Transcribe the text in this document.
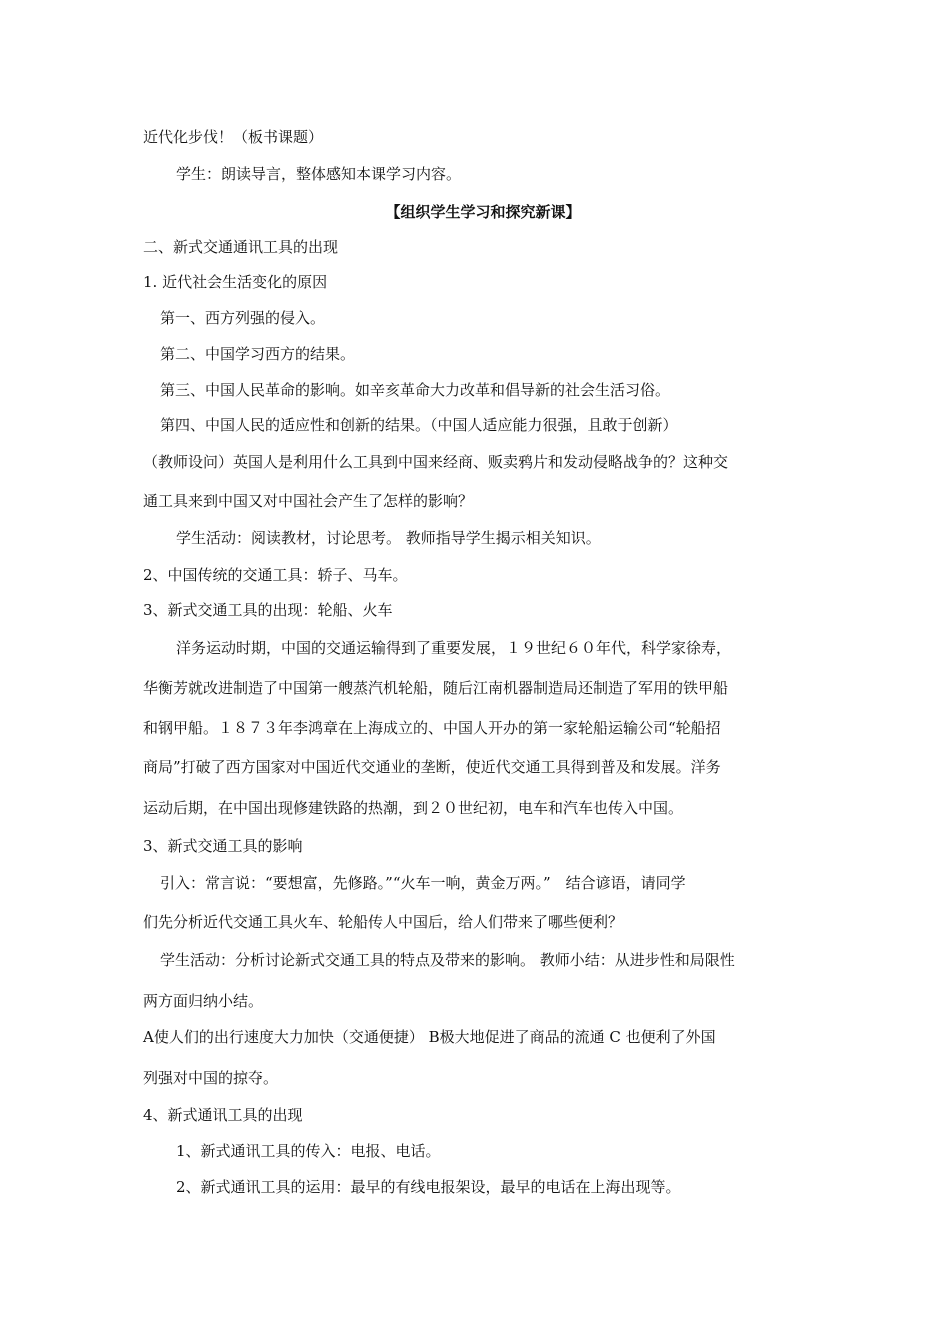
近代化步伐！（板书课题）
学生：朗读导言，整体感知本课学习内容。
【组织学生学习和探究新课】
二、新式交通通讯工具的出现
1. 近代社会生活变化的原因
第一、西方列强的侵入。
第二、中国学习西方的结果。
第三、中国人民革命的影响。如辛亥革命大力改革和倡导新的社会生活习俗。
第四、中国人民的适应性和创新的结果。（中国人适应能力很强，且敢于创新）
（教师设问）英国人是利用什么工具到中国来经商、贩卖鸦片和发动侵略战争的？这种交
通工具来到中国又对中国社会产生了怎样的影响？
学生活动：阅读教材，讨论思考。 教师指导学生揭示相关知识。
2、中国传统的交通工具：轿子、马车。
3、新式交通工具的出现：轮船、火车
洋务运动时期，中国的交通运输得到了重要发展，１９世纪６０年代，科学家徐寿，
华衡芳就改进制造了中国第一艘蒸汽机轮船，随后江南机器制造局还制造了军用的铁甲船
和钢甲船。１８７３年李鸿章在上海成立的、中国人开办的第一家轮船运输公司“轮船招
商局”打破了西方国家对中国近代交通业的垄断，使近代交通工具得到普及和发展。洋务
运动后期，在中国出现修建铁路的热潮，到２０世纪初，电车和汽车也传入中国。
3、新式交通工具的影响
引入：常言说：“要想富，先修路。”“火车一响，黄金万两。”　结合谚语，请同学
们先分析近代交通工具火车、轮船传人中国后，给人们带来了哪些便利？
学生活动：分析讨论新式交通工具的特点及带来的影响。 教师小结：从进步性和局限性
两方面归纳小结。
A使人们的出行速度大力加快（交通便捷） B极大地促进了商品的流通 C 也便利了外国
列强对中国的掠夺。
4、新式通讯工具的出现
1、新式通讯工具的传入：电报、电话。
2、新式通讯工具的运用：最早的有线电报架设，最早的电话在上海出现等。
